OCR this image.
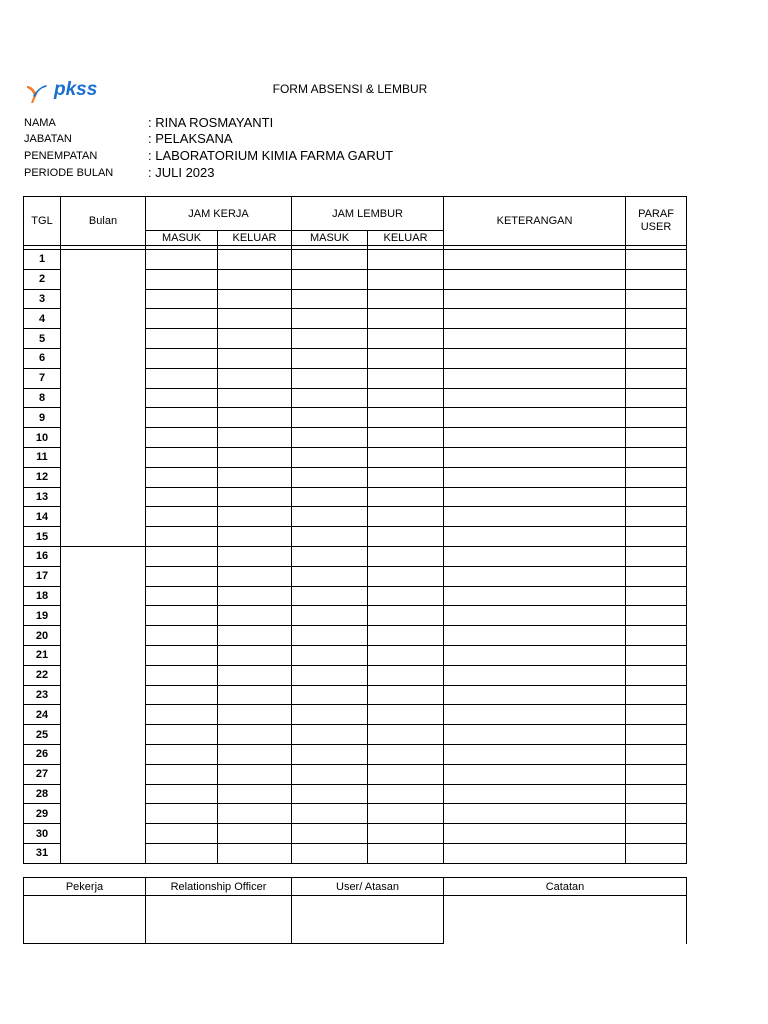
pkss	FORM ABSENSI & LEMBUR
NAMA	: RINA ROSMAYANTI
JABATAN	: PELAKSANA
PENEMPATAN	: LABORATORIUM KIMIA FARMA GARUT
PERIODE BULAN	: JULI 2023
TGL	Bulan	JAM KERJA		JAM LEMBUR		KETERANGAN	PARAF USER
		MASUK	KELUAR	MASUK	KELUAR		

1							
2							
3							
4							
5							
6							
7							
8							
9							
10							
11							
12							
13							
14							
15							
16							
17							
18							
19							
20							
21							
22							
23							
24							
25							
26							
27							
28							
29							
30							
31							
Pekerja	Relationship Officer	User/ Atasan	Catatan
